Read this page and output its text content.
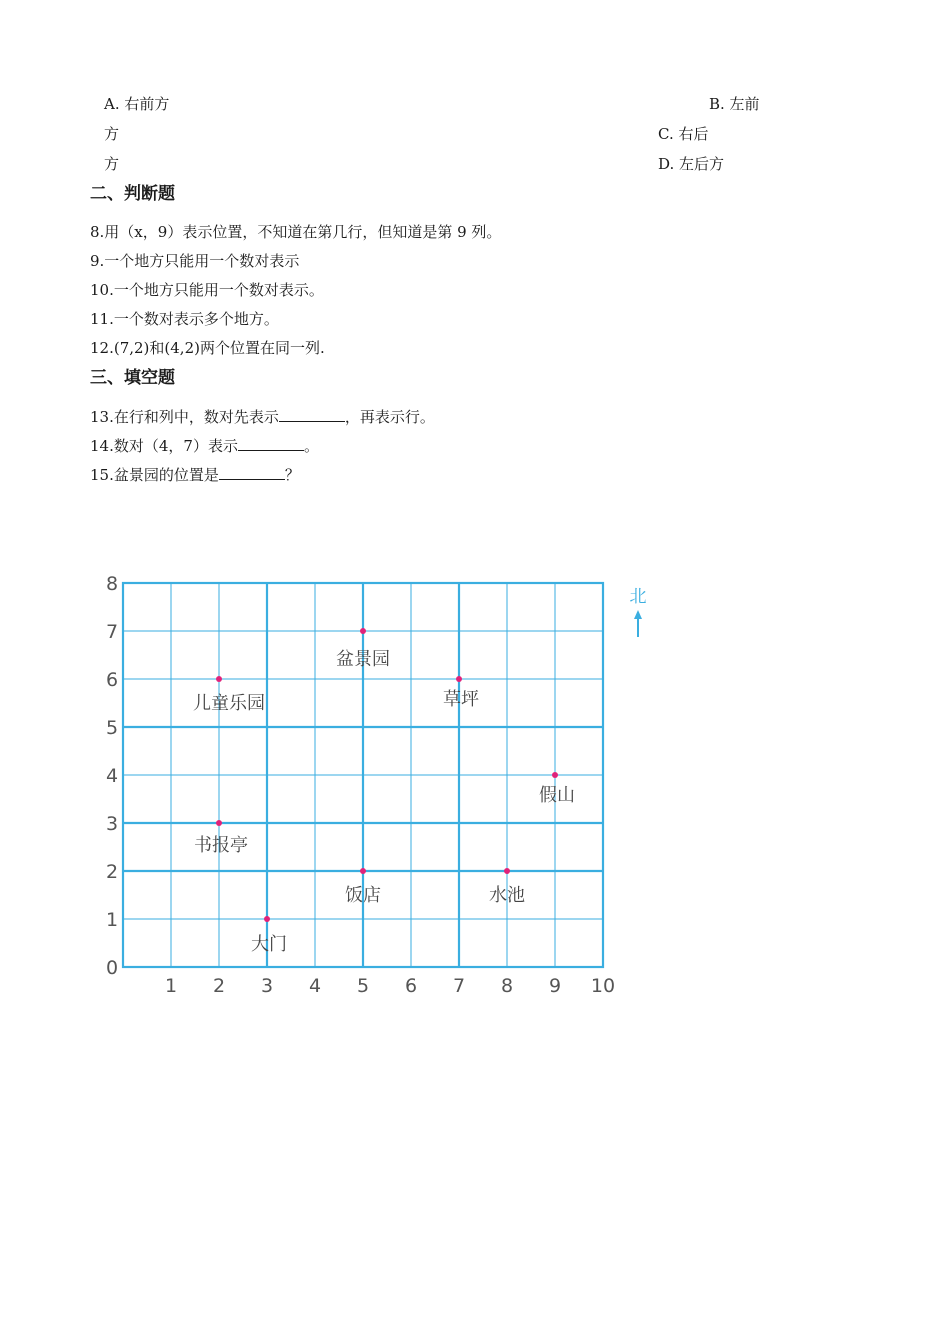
A. 右前方	B. 左前
方	C. 右后
方	D. 左后方
二、判断题
8.用（x，9）表示位置，不知道在第几行，但知道是第 9 列。
9.一个地方只能用一个数对表示
10.一个地方只能用一个数对表示。
11.一个数对表示多个地方。
12.(7,2)和(4,2)两个位置在同一列.
三、填空题
13.在行和列中，数对先表示	，再表示行。
14.数对（4，7）表示	。
15.盆景园的位置是	？
1 2 3 4 5 6 7 8 9 10
0
1
2
3
4
5
6
7
8
盆景园
儿童乐园	草坪
假山
书报亭
饭店	水池
大门
北
